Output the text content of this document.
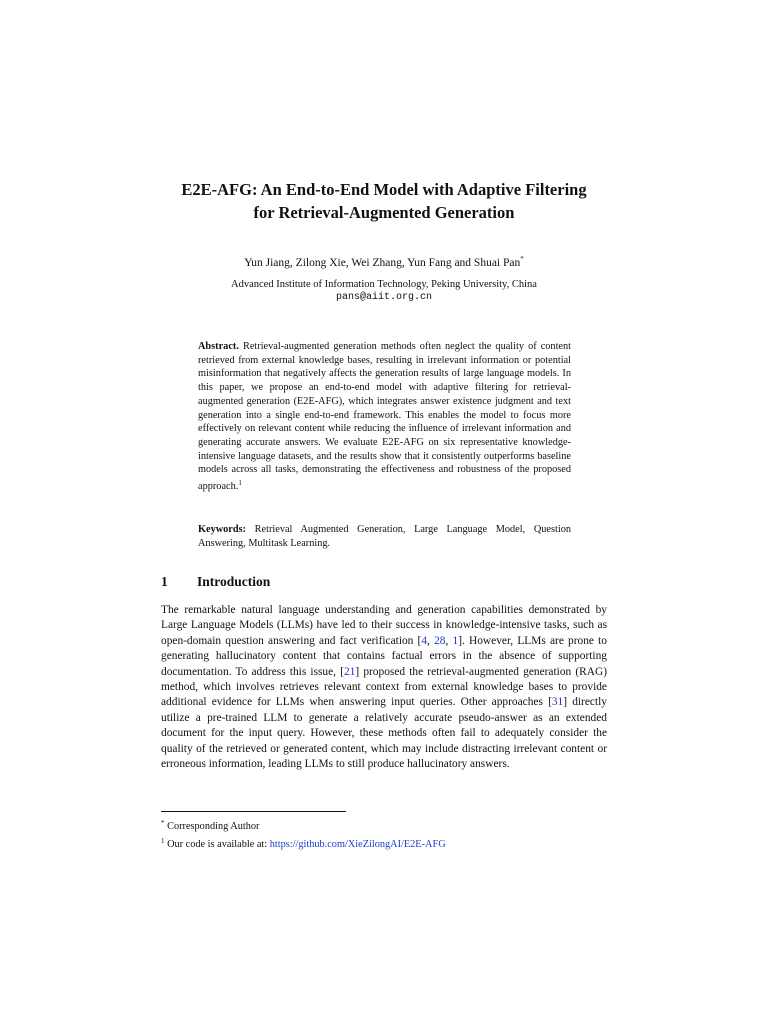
E2E-AFG: An End-to-End Model with Adaptive Filtering
for Retrieval-Augmented Generation
Yun Jiang, Zilong Xie, Wei Zhang, Yun Fang and Shuai Pan*
Advanced Institute of Information Technology, Peking University, China
pans@aiit.org.cn
Abstract. Retrieval-augmented generation methods often neglect the quality of content retrieved from external knowledge bases, resulting in irrelevant information or potential misinformation that negatively affects the generation results of large language models. In this paper, we propose an end-to-end model with adaptive filtering for retrieval-augmented generation (E2E-AFG), which integrates answer existence judgment and text generation into a single end-to-end framework. This enables the model to focus more effectively on relevant content while reducing the influence of irrelevant information and generating accurate answers. We evaluate E2E-AFG on six representative knowledge-intensive language datasets, and the results show that it consistently outperforms baseline models across all tasks, demonstrating the effectiveness and robustness of the proposed approach.$^1$
Keywords: Retrieval Augmented Generation, Large Language Model, Question Answering, Multitask Learning.
1 Introduction
The remarkable natural language understanding and generation capabilities demonstrated by Large Language Models (LLMs) have led to their success in knowledge-intensive tasks, such as open-domain question answering and fact verification [4, 28, 1]. However, LLMs are prone to generating hallucinatory content that contains factual errors in the absence of supporting documentation. To address this issue, [21] proposed the retrieval-augmented generation (RAG) method, which involves retrieves relevant context from external knowledge bases to provide additional evidence for LLMs when answering input queries. Other approaches [31] directly utilize a pre-trained LLM to generate a relatively accurate pseudo-answer as an extended document for the input query. However, these methods often fail to adequately consider the quality of the retrieved or generated content, which may include distracting irrelevant content or erroneous information, leading LLMs to still produce hallucinatory answers.
* Corresponding Author
$^1$ Our code is available at: https://github.com/XieZilongAI/E2E-AFG
